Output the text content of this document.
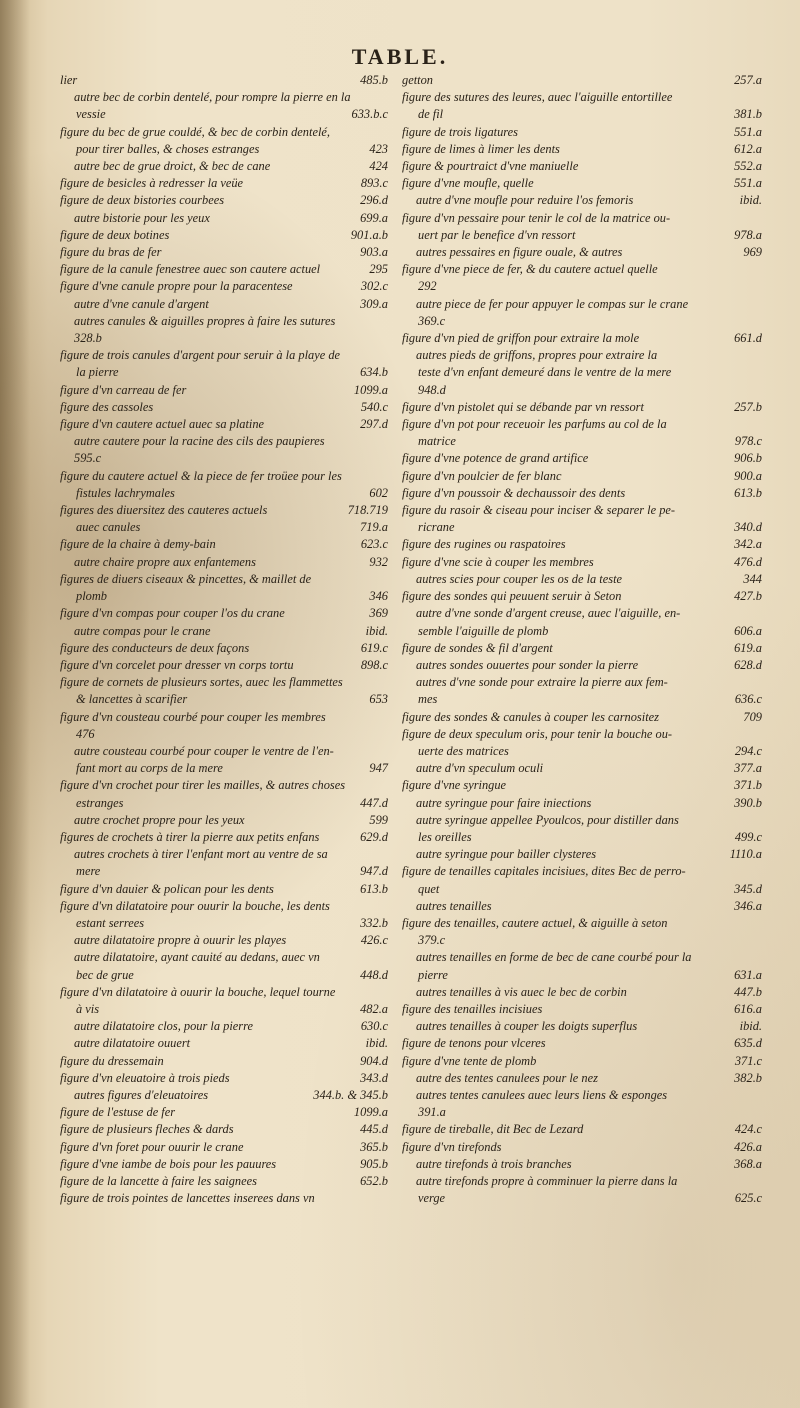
TABLE.
lier	485.b
autre bec de corbin dentelé, pour rompre la pierre en la
vessie	633.b.c
figure du bec de grue couldé, & bec de corbin dentelé,
pour tirer balles, & choses estranges	423
autre bec de grue droict, & bec de cane	424
figure de besicles à redresser la veüe	893.c
figure de deux bistories courbees	296.d
autre bistorie pour les yeux	699.a
figure de deux botines	901.a.b
figure du bras de fer	903.a
figure de la canule fenestree auec son cautere actuel	295
figure d'vne canule propre pour la paracentese	302.c
autre d'vne canule d'argent	309.a
autres canules & aiguilles propres à faire les sutures
328.b
figure de trois canules d'argent pour seruir à la playe de
la pierre	634.b
figure d'vn carreau de fer	1099.a
figure des cassoles	540.c
figure d'vn cautere actuel auec sa platine	297.d
autre cautere pour la racine des cils des paupieres
595.c
figure du cautere actuel & la piece de fer troüee pour les
fistules lachrymales	602
figures des diuersitez des cauteres actuels	718.719
auec canules	719.a
figure de la chaire à demy-bain	623.c
autre chaire propre aux enfantemens	932
figures de diuers ciseaux & pincettes, & maillet de
plomb	346
figure d'vn compas pour couper l'os du crane	369
autre compas pour le crane	ibid.
figure des conducteurs de deux façons	619.c
figure d'vn corcelet pour dresser vn corps tortu	898.c
figure de cornets de plusieurs sortes, auec les flammettes
& lancettes à scarifier	653
figure d'vn cousteau courbé pour couper les membres
476
autre cousteau courbé pour couper le ventre de l'en-
fant mort au corps de la mere	947
figure d'vn crochet pour tirer les mailles, & autres choses
estranges	447.d
autre crochet propre pour les yeux	599
figures de crochets à tirer la pierre aux petits enfans	629.d
autres crochets à tirer l'enfant mort au ventre de sa
mere	947.d
figure d'vn dauier & polican pour les dents	613.b
figure d'vn dilatatoire pour ouurir la bouche, les dents
estant serrees	332.b
autre dilatatoire propre à ouurir les playes	426.c
autre dilatatoire, ayant cauité au dedans, auec vn
bec de grue	448.d
figure d'vn dilatatoire à ouurir la bouche, lequel tourne
à vis	482.a
autre dilatatoire clos, pour la pierre	630.c
autre dilatatoire ouuert	ibid.
figure du dressemain	904.d
figure d'vn eleuatoire à trois pieds	343.d
autres figures d'eleuatoires	344.b. & 345.b
figure de l'estuse de fer	1099.a
figure de plusieurs fleches & dards	445.d
figure d'vn foret pour ouurir le crane	365.b
figure d'vne iambe de bois pour les pauures	905.b
figure de la lancette à faire les saignees	652.b
figure de trois pointes de lancettes inserees dans vn
getton	257.a
figure des sutures des leures, auec l'aiguille entortillee
de fil	381.b
figure de trois ligatures	551.a
figure de limes à limer les dents	612.a
figure & pourtraict d'vne maniuelle	552.a
figure d'vne moufle, quelle	551.a
autre d'vne moufle pour reduire l'os femoris	ibid.
figure d'vn pessaire pour tenir le col de la matrice ou-
uert par le benefice d'vn ressort	978.a
autres pessaires en figure ouale, & autres	969
figure d'vne piece de fer, & du cautere actuel quelle
292
autre piece de fer pour appuyer le compas sur le crane
369.c
figure d'vn pied de griffon pour extraire la mole	661.d
autres pieds de griffons, propres pour extraire la
teste d'vn enfant demeuré dans le ventre de la mere
948.d
figure d'vn pistolet qui se débande par vn ressort	257.b
figure d'vn pot pour receuoir les parfums au col de la
matrice	978.c
figure d'vne potence de grand artifice	906.b
figure d'vn poulcier de fer blanc	900.a
figure d'vn poussoir & dechaussoir des dents	613.b
figure du rasoir & ciseau pour inciser & separer le pe-
ricrane	340.d
figure des rugines ou raspatoires	342.a
figure d'vne scie à couper les membres	476.d
autres scies pour couper les os de la teste	344
figure des sondes qui peuuent seruir à Seton	427.b
autre d'vne sonde d'argent creuse, auec l'aiguille, en-
semble l'aiguille de plomb	606.a
figure de sondes & fil d'argent	619.a
autres sondes ouuertes pour sonder la pierre	628.d
autres d'vne sonde pour extraire la pierre aux fem-
mes	636.c
figure des sondes & canules à couper les carnositez	709
figure de deux speculum oris, pour tenir la bouche ou-
uerte des matrices	294.c
autre d'vn speculum oculi	377.a
figure d'vne syringue	371.b
autre syringue pour faire iniections	390.b
autre syringue appellee Pyoulcos, pour distiller dans
les oreilles	499.c
autre syringue pour bailler clysteres	1110.a
figure de tenailles capitales incisiues, dites Bec de perro-
quet	345.d
autres tenailles	346.a
figure des tenailles, cautere actuel, & aiguille à seton
379.c
autres tenailles en forme de bec de cane courbé pour la
pierre	631.a
autres tenailles à vis auec le bec de corbin	447.b
figure des tenailles incisiues	616.a
autres tenailles à couper les doigts superflus	ibid.
figure de tenons pour vlceres	635.d
figure d'vne tente de plomb	371.c
autre des tentes canulees pour le nez	382.b
autres tentes canulees auec leurs liens & esponges
391.a
figure de tireballe, dit Bec de Lezard	424.c
figure d'vn tirefonds	426.a
autre tirefonds à trois branches	368.a
autre tirefonds propre à comminuer la pierre dans la
verge	625.c
